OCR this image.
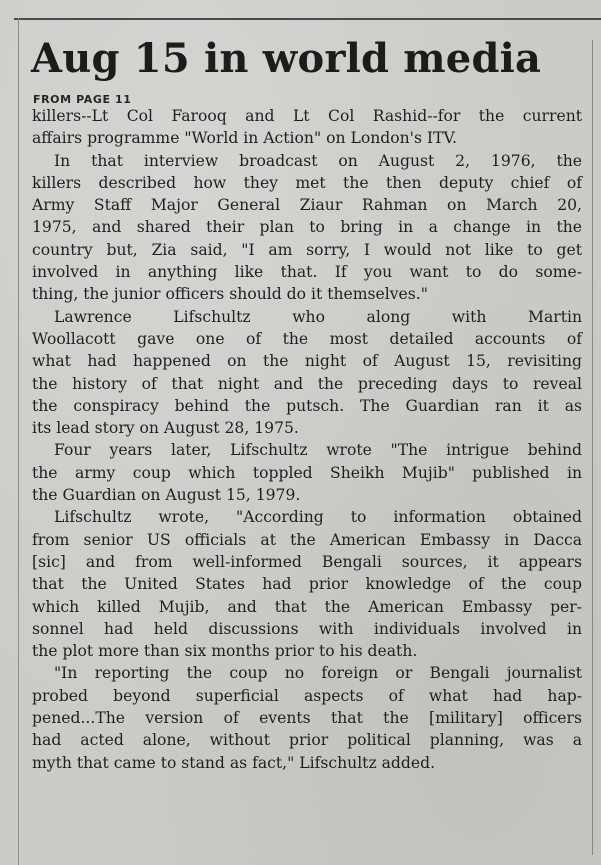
Aug 15 in world media
FROM PAGE 11
killers--Lt Col Farooq and Lt Col Rashid--for the current
affairs programme "World in Action" on London's ITV.
In that interview broadcast on August 2, 1976, the
killers described how they met the then deputy chief of
Army Staff Major General Ziaur Rahman on March 20,
1975, and shared their plan to bring in a change in the
country but, Zia said, "I am sorry, I would not like to get
involved in anything like that. If you want to do some-
thing, the junior officers should do it themselves."
Lawrence Lifschultz who along with Martin
Woollacott gave one of the most detailed accounts of
what had happened on the night of August 15, revisiting
the history of that night and the preceding days to reveal
the conspiracy behind the putsch. The Guardian ran it as
its lead story on August 28, 1975.
Four years later, Lifschultz wrote "The intrigue behind
the army coup which toppled Sheikh Mujib" published in
the Guardian on August 15, 1979.
Lifschultz wrote, "According to information obtained
from senior US officials at the American Embassy in Dacca
[sic] and from well-informed Bengali sources, it appears
that the United States had prior knowledge of the coup
which killed Mujib, and that the American Embassy per-
sonnel had held discussions with individuals involved in
the plot more than six months prior to his death.
"In reporting the coup no foreign or Bengali journalist
probed beyond superficial aspects of what had hap-
pened...The version of events that the [military] officers
had acted alone, without prior political planning, was a
myth that came to stand as fact," Lifschultz added.
